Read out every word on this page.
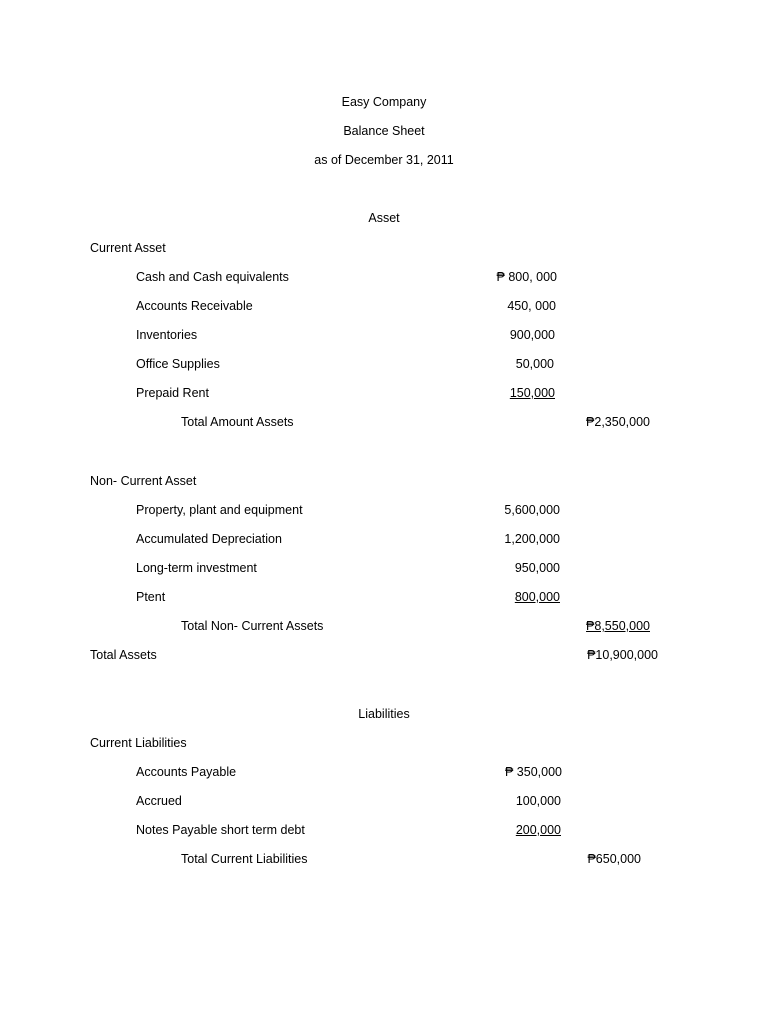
Easy Company
Balance Sheet
as of December 31, 2011
Asset
Current Asset
Cash and Cash equivalents	₱ 800, 000
Accounts Receivable	450, 000
Inventories	900,000
Office Supplies	50,000
Prepaid Rent	150,000
Total Amount Assets	₱2,350,000
Non- Current Asset
Property, plant and equipment	5,600,000
Accumulated Depreciation	1,200,000
Long-term investment	950,000
Ptent	800,000
Total Non- Current Assets	₱8,550,000
Total Assets	₱10,900,000
Liabilities
Current Liabilities
Accounts Payable	₱ 350,000
Accrued	100,000
Notes Payable short term debt	200,000
Total Current Liabilities	₱650,000
